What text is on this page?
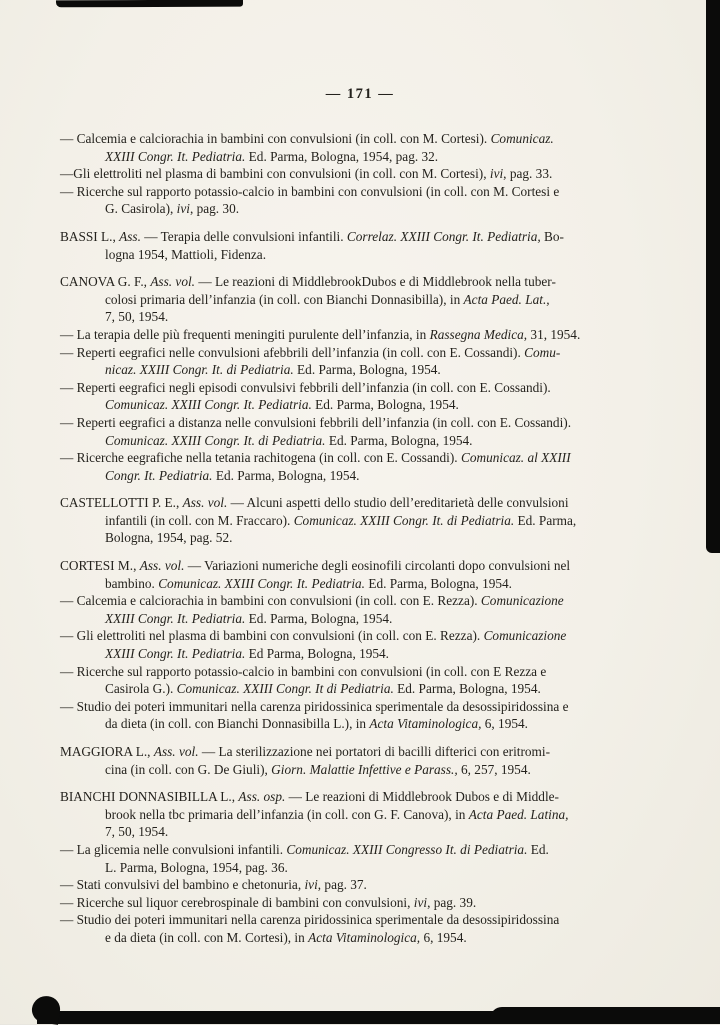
— 171 —
— Calcemia e calciorachia in bambini con convulsioni (in coll. con M. Cortesi). Comunicaz.
XXIII Congr. It. Pediatria. Ed. Parma, Bologna, 1954, pag. 32.
—Gli elettroliti nel plasma di bambini con convulsioni (in coll. con M. Cortesi), ivi, pag. 33.
— Ricerche sul rapporto potassio-calcio in bambini con convulsioni (in coll. con M. Cortesi e
G. Casirola), ivi, pag. 30.
BASSI L., Ass. — Terapia delle convulsioni infantili. Correlaz. XXIII Congr. It. Pediatria, Bo-
logna 1954, Mattioli, Fidenza.
CANOVA G. F., Ass. vol. — Le reazioni di MiddlebrookDubos e di Middlebrook nella tuber-
colosi primaria dell’infanzia (in coll. con Bianchi Donnasibilla), in Acta Paed. Lat.,
7, 50, 1954.
— La terapia delle più frequenti meningiti purulente dell’infanzia, in Rassegna Medica, 31, 1954.
— Reperti eegrafici nelle convulsioni afebbrili dell’infanzia (in coll. con E. Cossandi). Comu-
nicaz. XXIII Congr. It. di Pediatria. Ed. Parma, Bologna, 1954.
— Reperti eegrafici negli episodi convulsivi febbrili dell’infanzia (in coll. con E. Cossandi).
Comunicaz. XXIII Congr. It. Pediatria. Ed. Parma, Bologna, 1954.
— Reperti eegrafici a distanza nelle convulsioni febbrili dell’infanzia (in coll. con E. Cossandi).
Comunicaz. XXIII Congr. It. di Pediatria. Ed. Parma, Bologna, 1954.
— Ricerche eegrafiche nella tetania rachitogena (in coll. con E. Cossandi). Comunicaz. al XXIII
Congr. It. Pediatria. Ed. Parma, Bologna, 1954.
CASTELLOTTI P. E., Ass. vol. — Alcuni aspetti dello studio dell’ereditarietà delle convulsioni
infantili (in coll. con M. Fraccaro). Comunicaz. XXIII Congr. It. di Pediatria. Ed. Parma,
Bologna, 1954, pag. 52.
CORTESI M., Ass. vol. — Variazioni numeriche degli eosinofili circolanti dopo convulsioni nel
bambino. Comunicaz. XXIII Congr. It. Pediatria. Ed. Parma, Bologna, 1954.
— Calcemia e calciorachia in bambini con convulsioni (in coll. con E. Rezza). Comunicazione
XXIII Congr. It. Pediatria. Ed. Parma, Bologna, 1954.
— Gli elettroliti nel plasma di bambini con convulsioni (in coll. con E. Rezza). Comunicazione
XXIII Congr. It. Pediatria. Ed Parma, Bologna, 1954.
— Ricerche sul rapporto potassio-calcio in bambini con convulsioni (in coll. con E Rezza e
Casirola G.). Comunicaz. XXIII Congr. It di Pediatria. Ed. Parma, Bologna, 1954.
— Studio dei poteri immunitari nella carenza piridossinica sperimentale da desossipiridossina e
da dieta (in coll. con Bianchi Donnasibilla L.), in Acta Vitaminologica, 6, 1954.
MAGGIORA L., Ass. vol. — La sterilizzazione nei portatori di bacilli difterici con eritromi-
cina (in coll. con G. De Giuli), Giorn. Malattie Infettive e Parass., 6, 257, 1954.
BIANCHI DONNASIBILLA L., Ass. osp. — Le reazioni di Middlebrook Dubos e di Middle-
brook nella tbc primaria dell’infanzia (in coll. con G. F. Canova), in Acta Paed. Latina,
7, 50, 1954.
— La glicemia nelle convulsioni infantili. Comunicaz. XXIII Congresso It. di Pediatria. Ed.
L. Parma, Bologna, 1954, pag. 36.
— Stati convulsivi del bambino e chetonuria, ivi, pag. 37.
— Ricerche sul liquor cerebrospinale di bambini con convulsioni, ivi, pag. 39.
— Studio dei poteri immunitari nella carenza piridossinica sperimentale da desossipiridossina
e da dieta (in coll. con M. Cortesi), in Acta Vitaminologica, 6, 1954.
